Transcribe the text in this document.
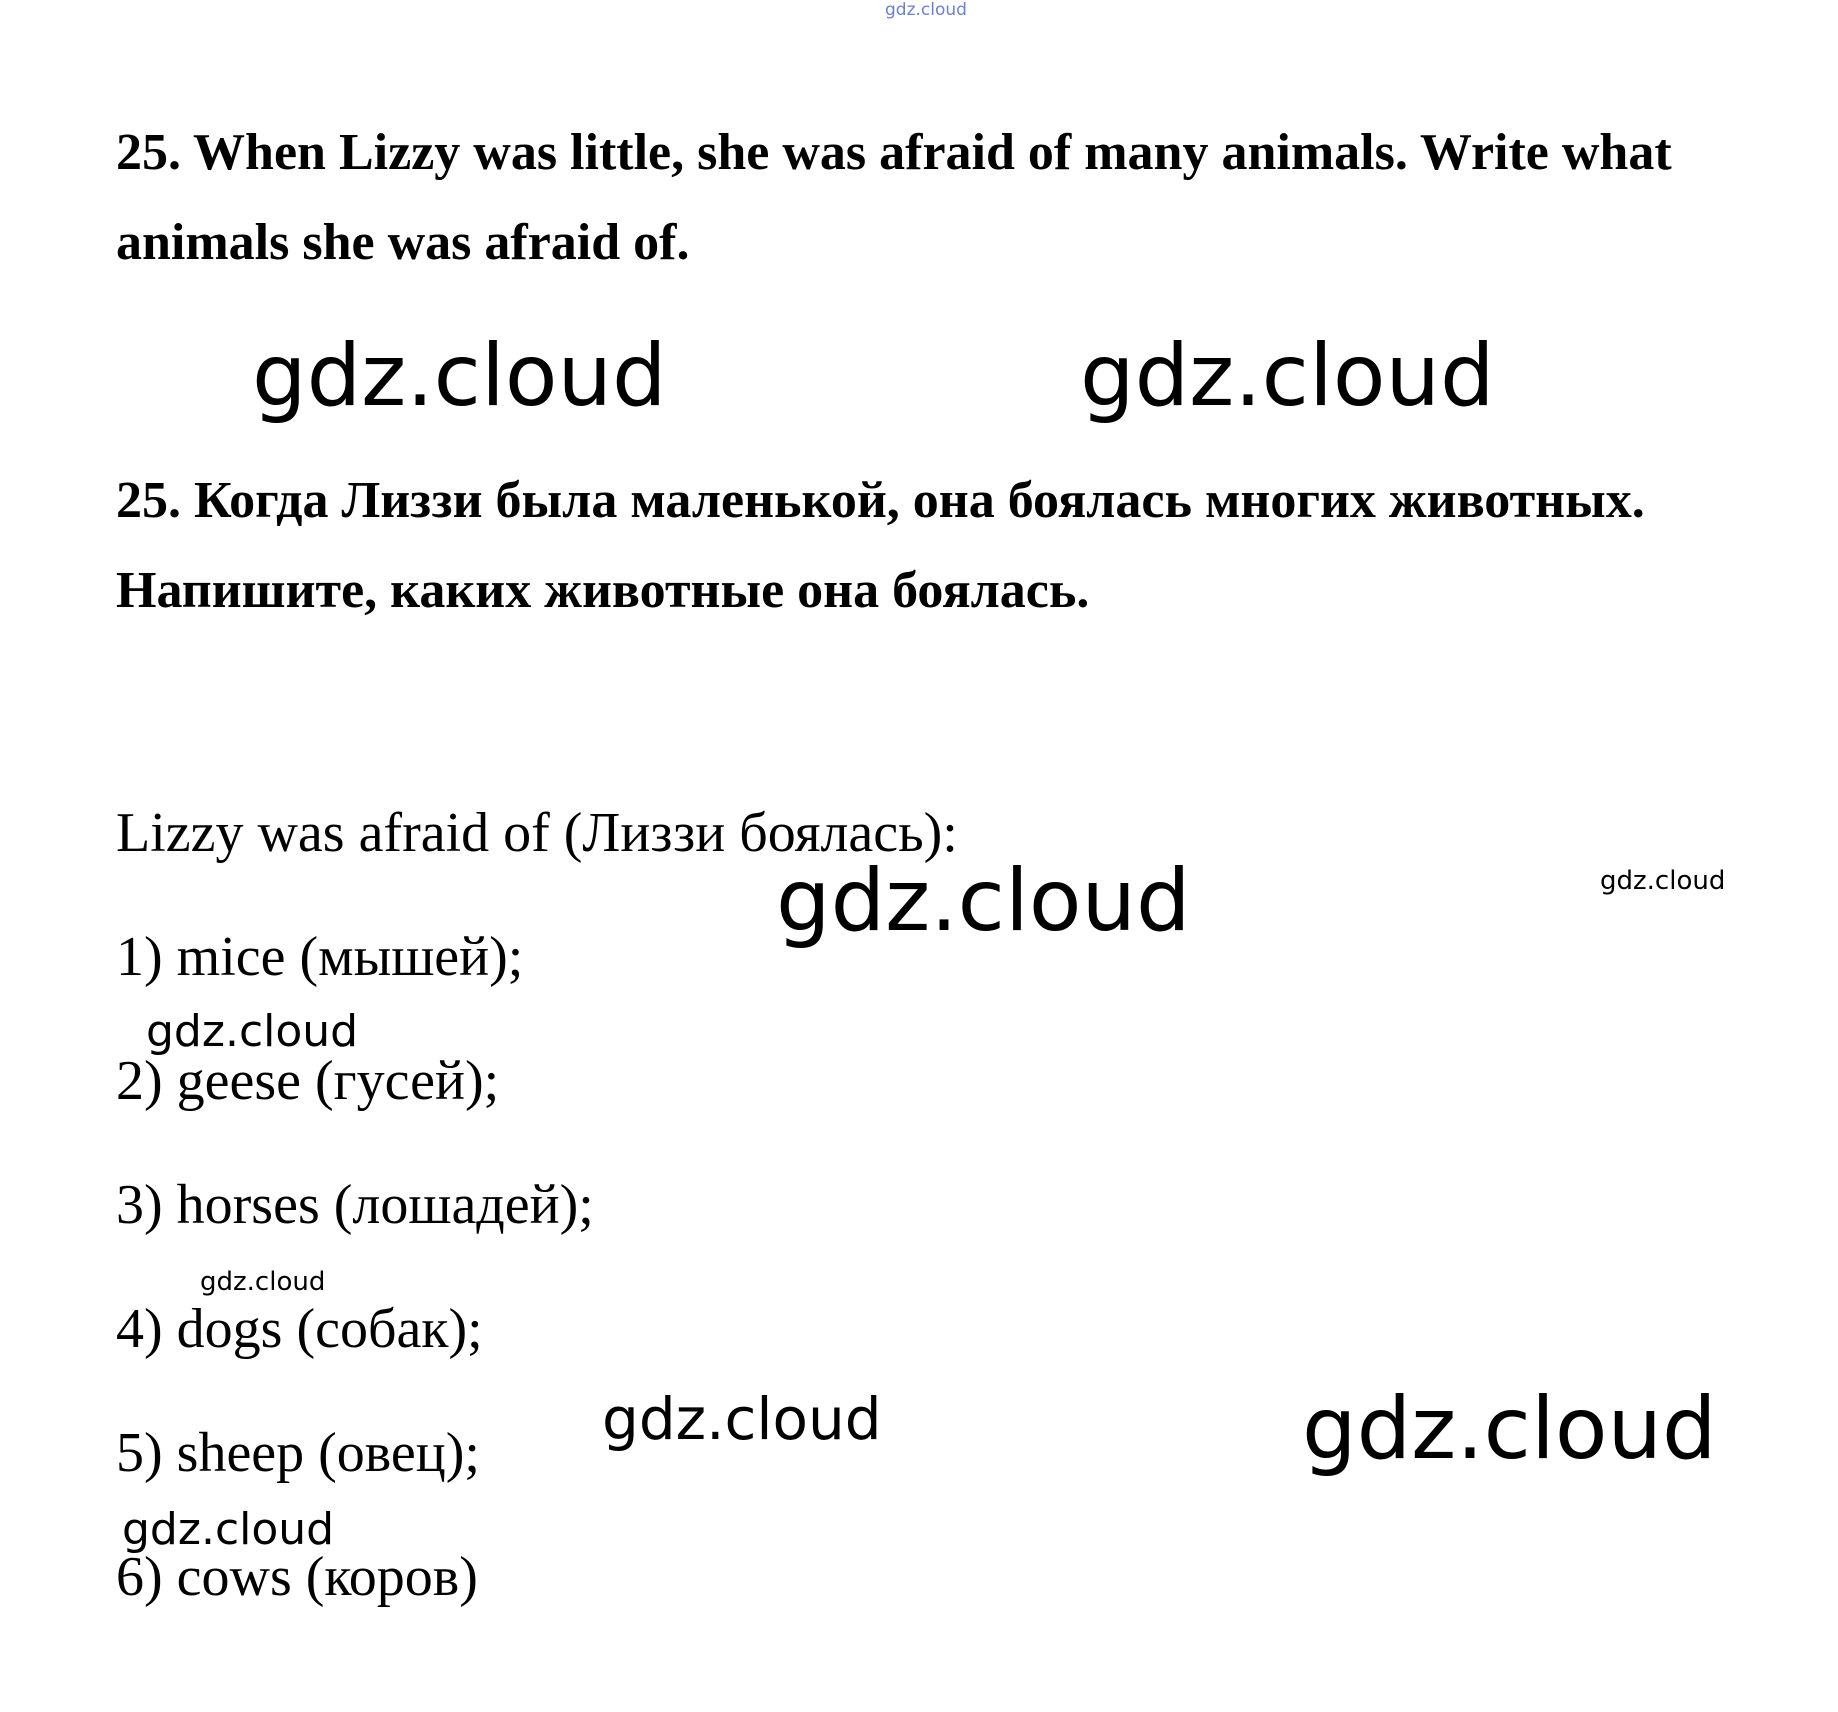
gdz.cloud
25. When Lizzy was little, she was afraid of many animals. Write what animals she was afraid of.
gdz.cloud	gdz.cloud
25. Когда Лиззи была маленькой, она боялась многих животных. Напишите, каких животные она боялась.

Lizzy was afraid of (Лиззи боялась):

gdz.cloud	gdz.cloud
1) mice (мышей);
2) geese (гусей);
3) horses (лошадей);
4) dogs (собак);
5) sheep (овец);
6) cows (коров)
gdz.cloud
gdz.cloud
gdz.cloud	gdz.cloud
gdz.cloud
